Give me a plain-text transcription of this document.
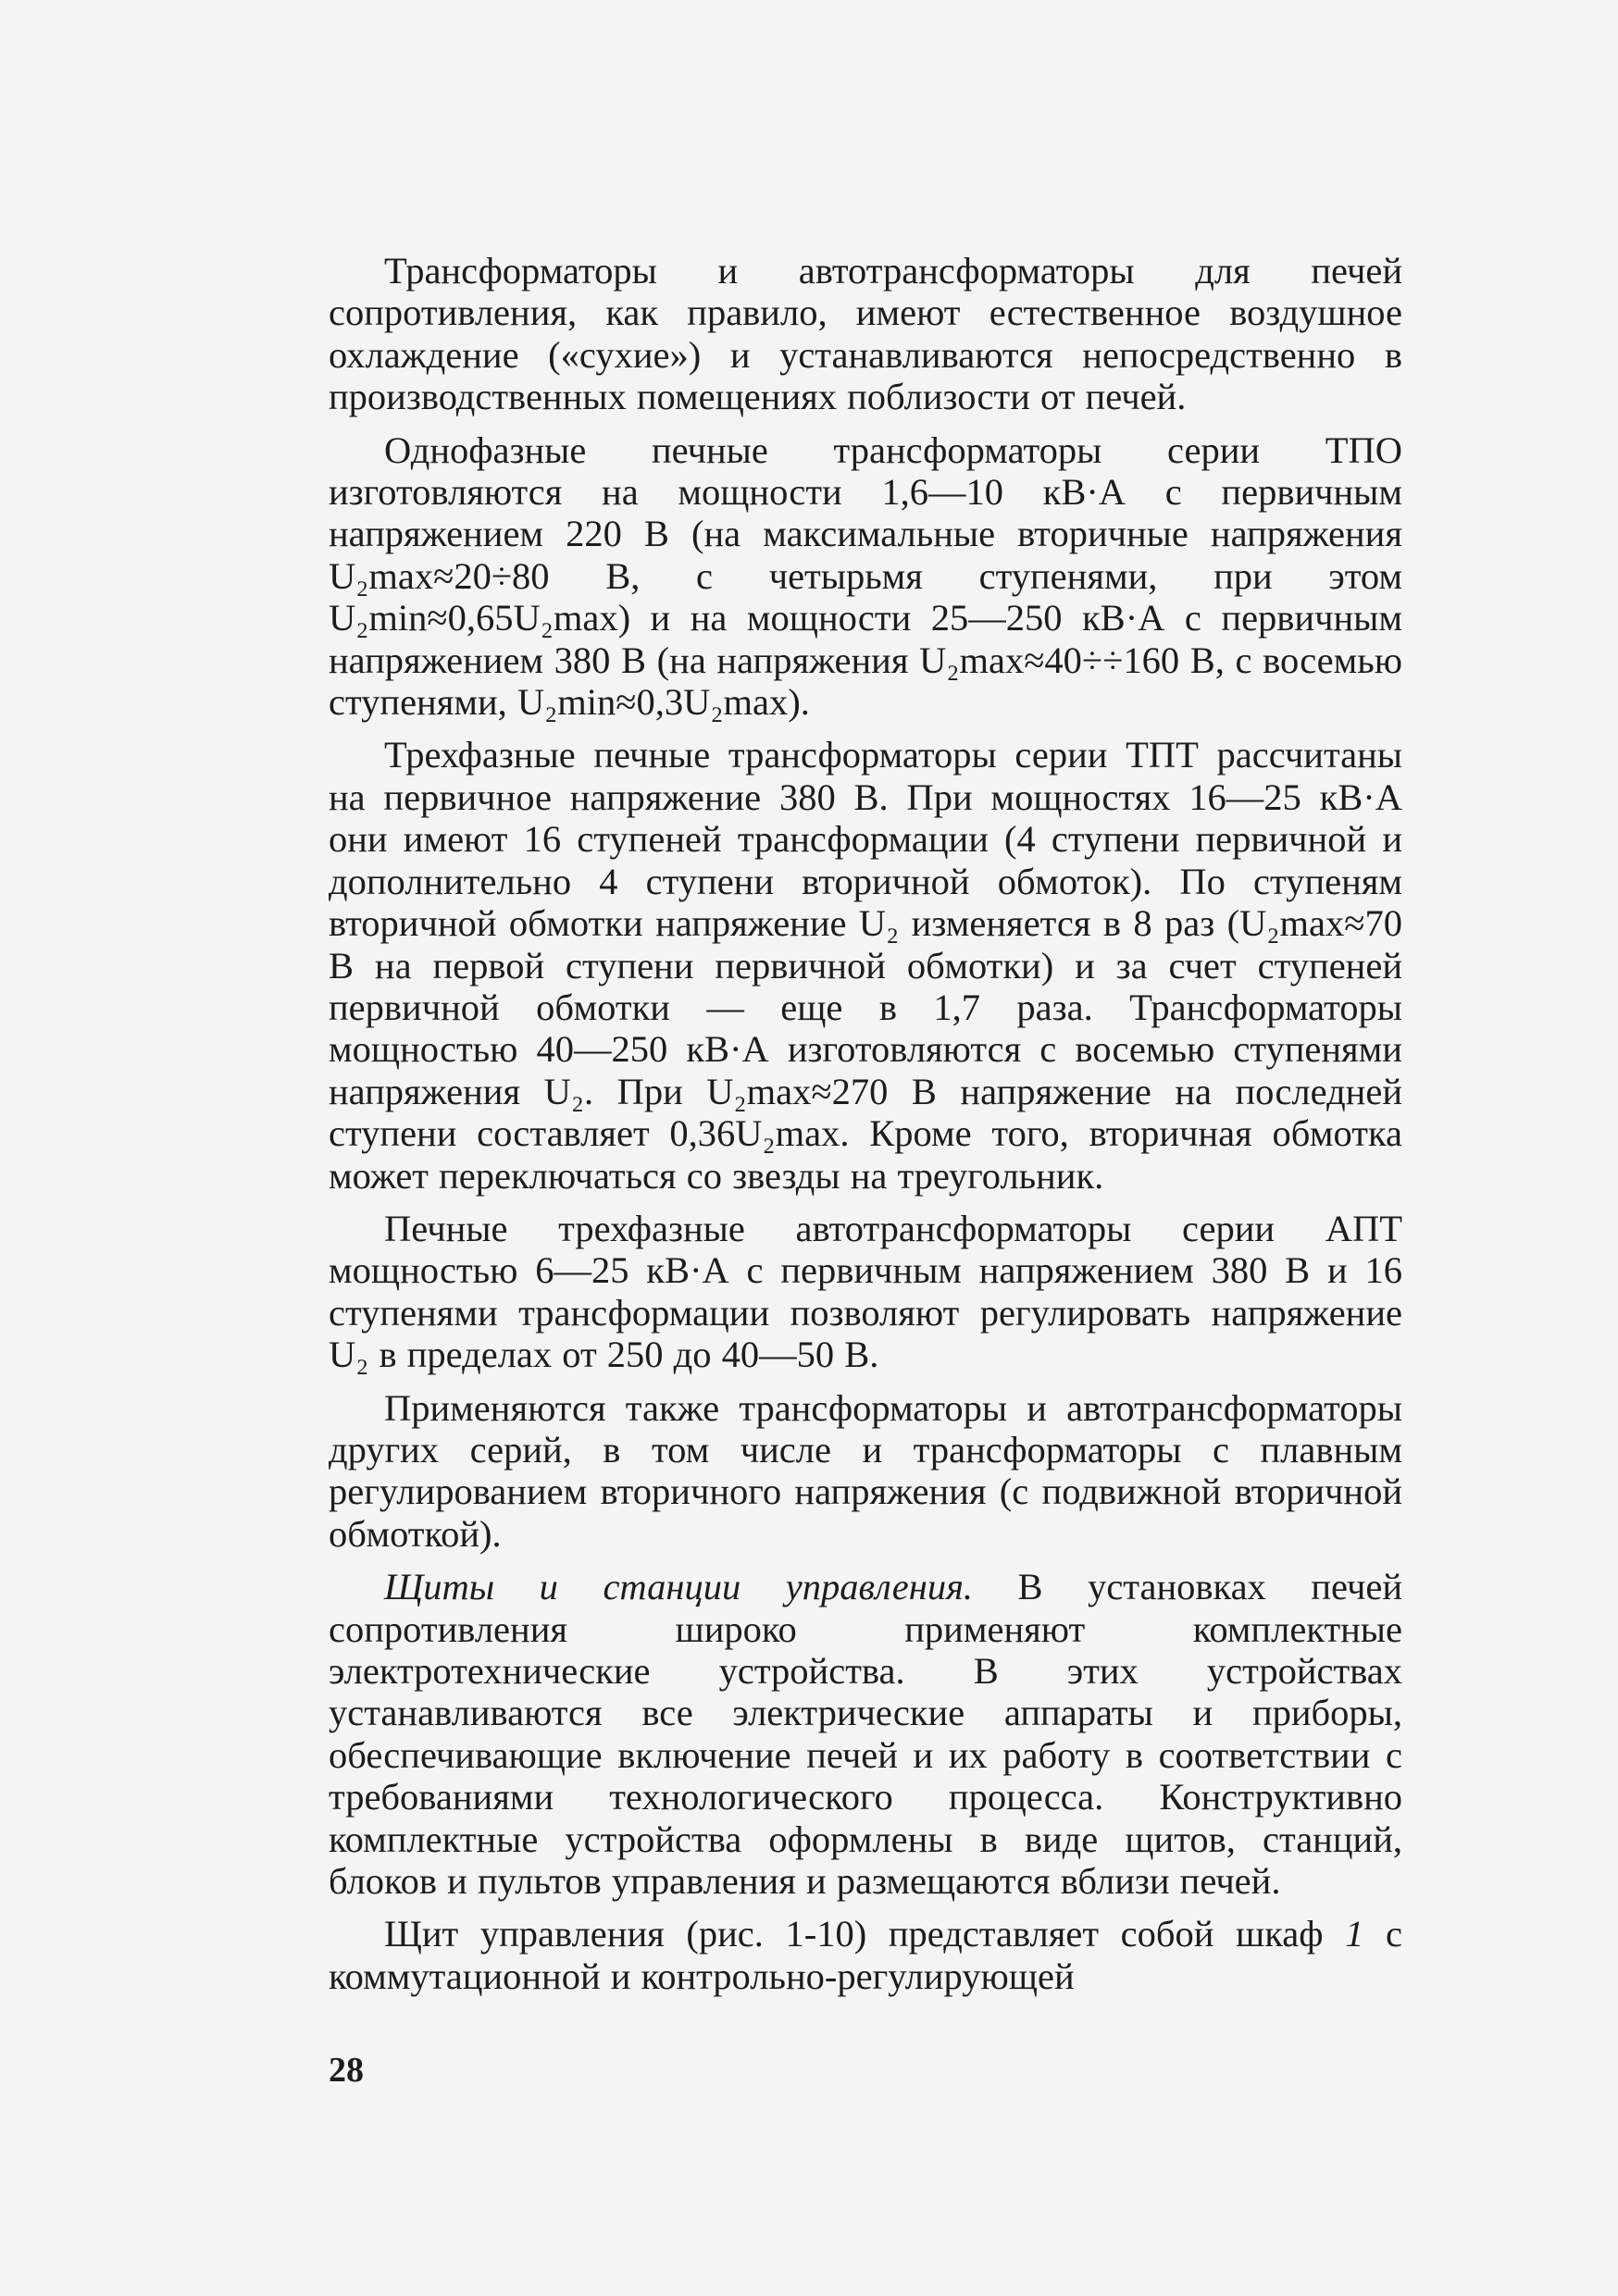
Трансформаторы и автотрансформаторы для печей сопротивления, как правило, имеют естественное воздушное охлаждение («сухие») и устанавливаются непосредственно в производственных помещениях поблизости от печей.

Однофазные печные трансформаторы серии ТПО изготовляются на мощности 1,6—10 кВ·А с первичным напряжением 220 В (на максимальные вторичные напряжения U₂max≈20÷80 В, с четырьмя ступенями, при этом U₂min≈0,65U₂max) и на мощности 25—250 кВ·А с первичным напряжением 380 В (на напряжения U₂max≈40÷÷160 В, с восемью ступенями, U₂min≈0,3U₂max).

Трехфазные печные трансформаторы серии ТПТ рассчитаны на первичное напряжение 380 В. При мощностях 16—25 кВ·А они имеют 16 ступеней трансформации (4 ступени первичной и дополнительно 4 ступени вторичной обмоток). По ступеням вторичной обмотки напряжение U₂ изменяется в 8 раз (U₂max≈70 В на первой ступени первичной обмотки) и за счет ступеней первичной обмотки — еще в 1,7 раза. Трансформаторы мощностью 40—250 кВ·А изготовляются с восемью ступенями напряжения U₂. При U₂max≈270 В напряжение на последней ступени составляет 0,36U₂max. Кроме того, вторичная обмотка может переключаться со звезды на треугольник.

Печные трехфазные автотрансформаторы серии АПТ мощностью 6—25 кВ·А с первичным напряжением 380 В и 16 ступенями трансформации позволяют регулировать напряжение U₂ в пределах от 250 до 40—50 В.

Применяются также трансформаторы и автотрансформаторы других серий, в том числе и трансформаторы с плавным регулированием вторичного напряжения (с подвижной вторичной обмоткой).

Щиты и станции управления. В установках печей сопротивления широко применяют комплектные электротехнические устройства. В этих устройствах устанавливаются все электрические аппараты и приборы, обеспечивающие включение печей и их работу в соответствии с требованиями технологического процесса. Конструктивно комплектные устройства оформлены в виде щитов, станций, блоков и пультов управления и размещаются вблизи печей.

Щит управления (рис. 1-10) представляет собой шкаф 1 с коммутационной и контрольно-регулирующей

28
